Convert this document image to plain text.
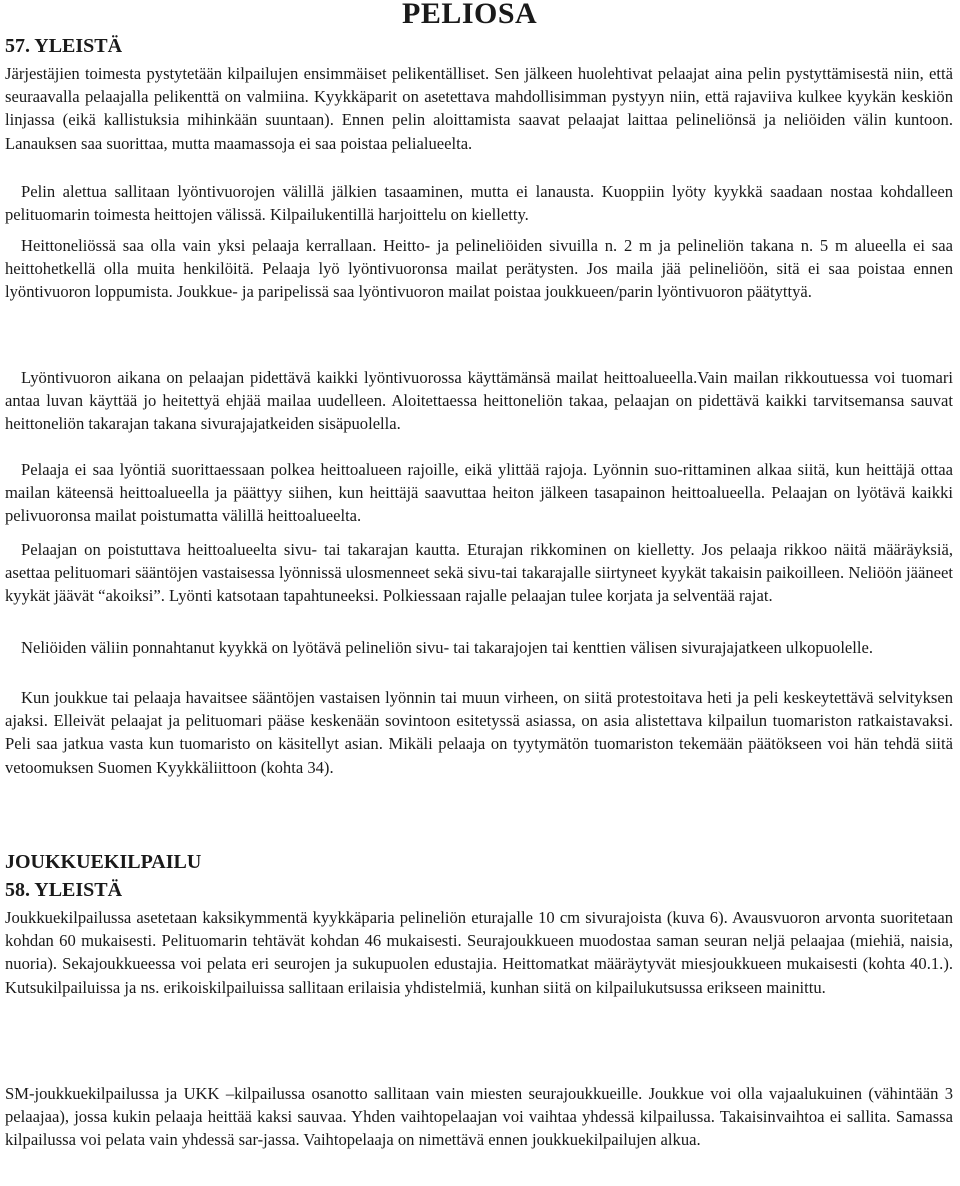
PELIOSA
57. YLEISTÄ

Järjestäjien toimesta pystytetään kilpailujen ensimmäiset pelikentälliset. Sen jälkeen huolehtivat pelaajat aina pelin pystyttämisestä niin, että seuraavalla pelaajalla pelikenttä on valmiina. Kyykkäparit on asetettava mahdollisimman pystyyn niin, että rajaviiva kulkee kyykän keskiön linjassa (eikä kallistuksia mihinkään suuntaan). Ennen pelin aloittamista saavat pelaajat laittaa pelineliönsä ja neliöiden välin kuntoon. Lanauksen saa suorittaa, mutta maamassoja ei saa poistaa pelialueelta.

Pelin alettua sallitaan lyöntivuorojen välillä jälkien tasaaminen, mutta ei lanausta. Kuoppiin lyöty kyykkä saadaan nostaa kohdalleen pelituomarin toimesta heittojen välissä. Kilpailukentillä harjoittelu on kielletty.

Heittoneliössä saa olla vain yksi pelaaja kerrallaan. Heitto- ja pelineliöiden sivuilla n. 2 m ja pelineliön takana n. 5 m alueella ei saa heittohetkellä olla muita henkilöitä. Pelaaja lyö lyöntivuoronsa mailat perätysten. Jos maila jää pelineliöön, sitä ei saa poistaa ennen lyöntivuoron loppumista. Joukkue- ja paripelissä saa lyöntivuoron mailat poistaa joukkueen/parin lyöntivuoron päätyttyä.

Lyöntivuoron aikana on pelaajan pidettävä kaikki lyöntivuorossa käyttämänsä mailat heittoalueella.Vain mailan rikkoutuessa voi tuomari antaa luvan käyttää jo heitettyä ehjää mailaa uudelleen. Aloitettaessa heittoneliön takaa, pelaajan on pidettävä kaikki tarvitsemansa sauvat heittoneliön takarajan takana sivurajajatkeiden sisäpuolella.

Pelaaja ei saa lyöntiä suorittaessaan polkea heittoalueen rajoille, eikä ylittää rajoja. Lyönnin suo-rittaminen alkaa siitä, kun heittäjä ottaa mailan käteensä heittoalueella ja päättyy siihen, kun heittäjä saavuttaa heiton jälkeen tasapainon heittoalueella. Pelaajan on lyötävä kaikki pelivuoronsa mailat poistumatta välillä heittoalueelta.

Pelaajan on poistuttava heittoalueelta sivu- tai takarajan kautta. Eturajan rikkominen on kielletty. Jos pelaaja rikkoo näitä määräyksiä, asettaa pelituomari sääntöjen vastaisessa lyönnissä ulosmenneet sekä sivu-tai takarajalle siirtyneet kyykät takaisin paikoilleen. Neliöön jääneet kyykät jäävät “akoiksi”. Lyönti katsotaan tapahtuneeksi. Polkiessaan rajalle pelaajan tulee korjata ja selventää rajat.

Neliöiden väliin ponnahtanut kyykkä on lyötävä pelineliön sivu- tai takarajojen tai kenttien välisen sivurajajatkeen ulkopuolelle.

Kun joukkue tai pelaaja havaitsee sääntöjen vastaisen lyönnin tai muun virheen, on siitä protestoitava heti ja peli keskeytettävä selvityksen ajaksi. Elleivät pelaajat ja pelituomari pääse keskenään sovintoon esitetyssä asiassa, on asia alistettava kilpailun tuomariston ratkaistavaksi. Peli saa jatkua vasta kun tuomaristo on käsitellyt asian. Mikäli pelaaja on tyytymätön tuomariston tekemään päätökseen voi hän tehdä siitä vetoomuksen Suomen Kyykkäliittoon (kohta 34).

JOUKKUEKILPAILU
58. YLEISTÄ

Joukkuekilpailussa asetetaan kaksikymmentä kyykkäparia pelineliön eturajalle 10 cm sivurajoista (kuva 6). Avausvuoron arvonta suoritetaan kohdan 60 mukaisesti. Pelituomarin tehtävät kohdan 46 mukaisesti. Seurajoukkueen muodostaa saman seuran neljä pelaajaa (miehiä, naisia, nuoria). Sekajoukkueessa voi pelata eri seurojen ja sukupuolen edustajia. Heittomatkat määräytyvät miesjoukkueen mukaisesti (kohta 40.1.). Kutsukilpailuissa ja ns. erikoiskilpailuissa sallitaan erilaisia yhdistelmiä, kunhan siitä on kilpailukutsussa erikseen mainittu.

SM-joukkuekilpailussa ja UKK –kilpailussa osanotto sallitaan vain miesten seurajoukkueille. Joukkue voi olla vajaalukuinen (vähintään 3 pelaajaa), jossa kukin pelaaja heittää kaksi sauvaa. Yhden vaihtopelaajan voi vaihtaa yhdessä kilpailussa. Takaisinvaihtoa ei sallita. Samassa kilpailussa voi pelata vain yhdessä sar-jassa. Vaihtopelaaja on nimettävä ennen joukkuekilpailujen alkua.
